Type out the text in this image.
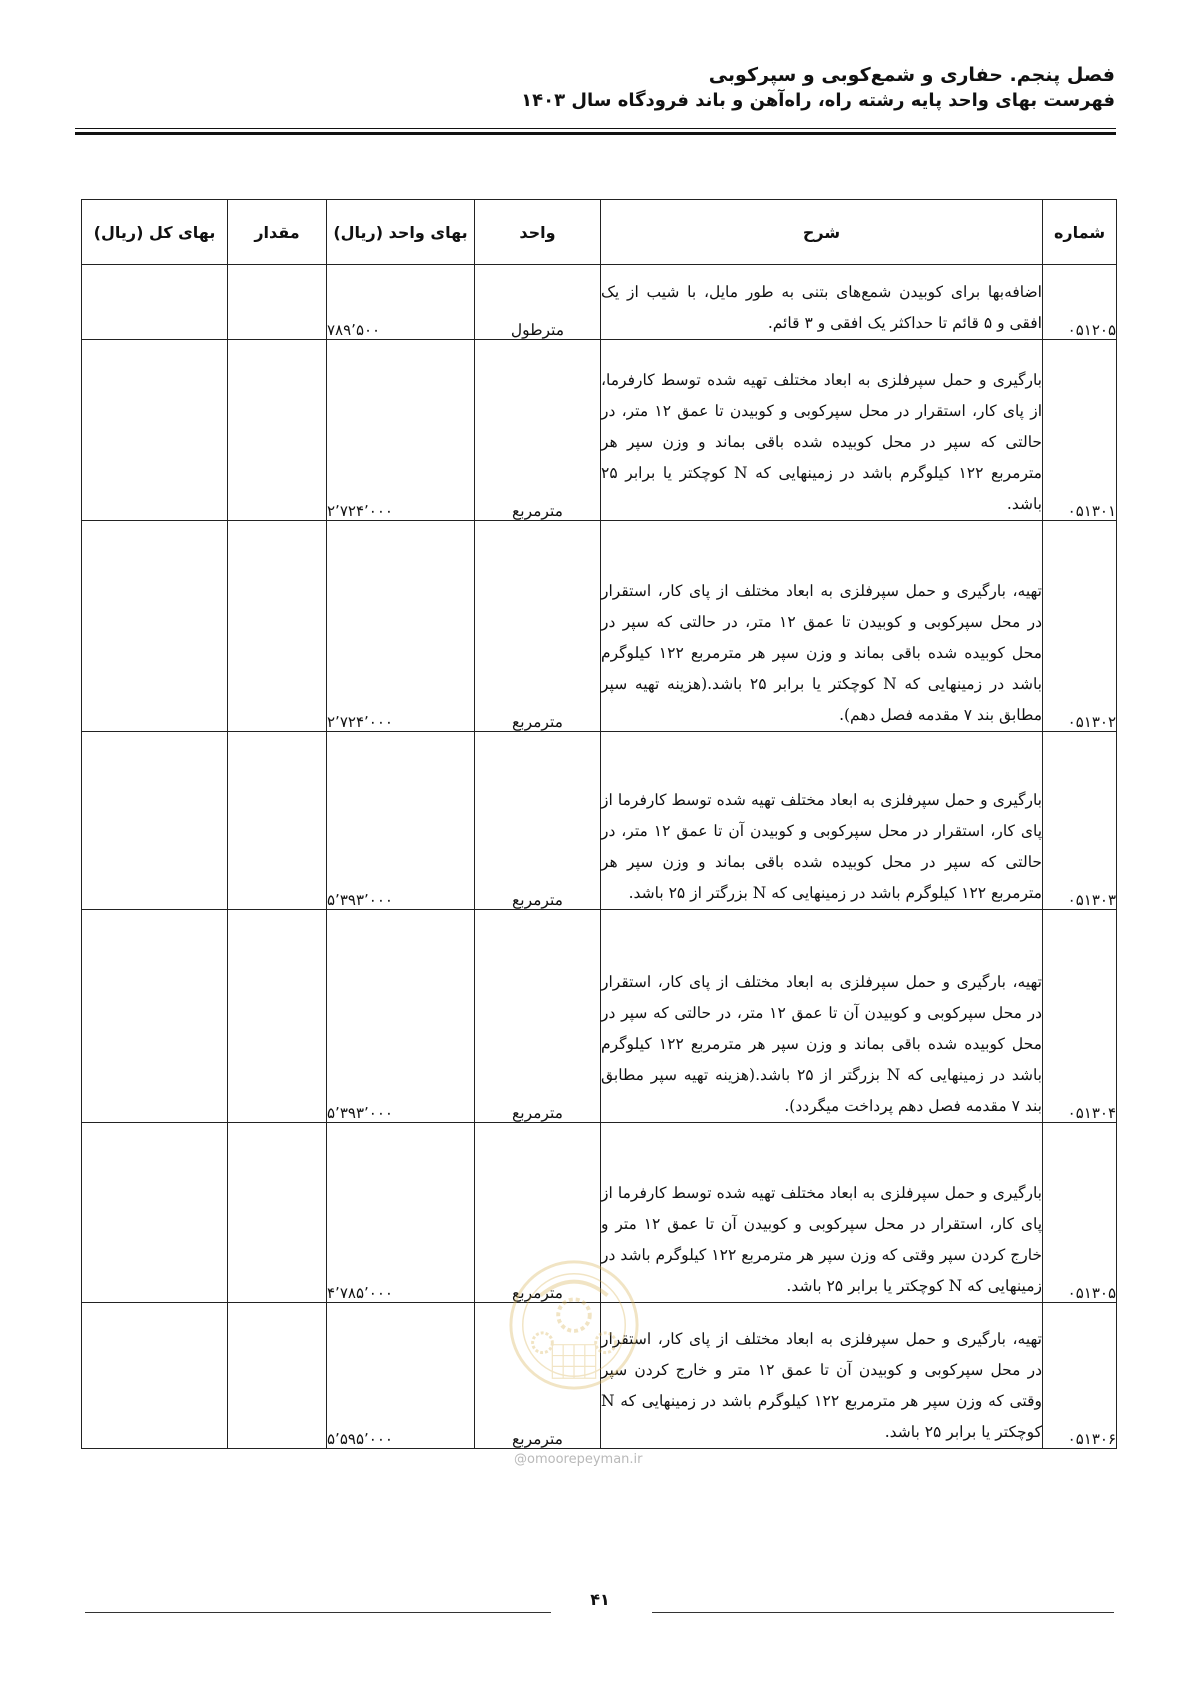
فصل پنجم. حفاری و شمع‌کوبی و سپرکوبی
فهرست بهای واحد پایه رشته راه، راه‌آهن و باند فرودگاه سال ۱۴۰۳
شماره	شرح	واحد	بهای واحد (ریال)	مقدار	بهای کل (ریال)
۰۵۱۲۰۵	اضافه‌بها برای کوبیدن شمع‌های بتنی به طور مایل، با شیب از یک افقی و ۵ قائم تا حداکثر یک افقی و ۳ قائم.	مترطول	۷۸۹٬۵۰۰		
۰۵۱۳۰۱	بارگیری و حمل سپرفلزی به ابعاد مختلف تهیه شده توسط کارفرما، از پای کار، استقرار در محل سپرکوبی و کوبیدن تا عمق ۱۲ متر، در حالتی که سپر در محل کوبیده شده باقی بماند و وزن سپر هر مترمربع ۱۲۲ کیلوگرم باشد در زمینهایی که N کوچکتر یا برابر ۲۵ باشد.	مترمربع	۲٬۷۲۴٬۰۰۰		
۰۵۱۳۰۲	تهیه، بارگیری و حمل سپرفلزی به ابعاد مختلف از پای کار، استقرار در محل سپرکوبی و کوبیدن تا عمق ۱۲ متر، در حالتی که سپر در محل کوبیده شده باقی بماند و وزن سپر هر مترمربع ۱۲۲ کیلوگرم باشد در زمینهایی که N کوچکتر یا برابر ۲۵ باشد.(هزینه تهیه سپر مطابق بند ۷ مقدمه فصل دهم).	مترمربع	۲٬۷۲۴٬۰۰۰		
۰۵۱۳۰۳	بارگیری و حمل سپرفلزی به ابعاد مختلف تهیه شده توسط کارفرما از پای کار، استقرار در محل سپرکوبی و کوبیدن آن تا عمق ۱۲ متر، در حالتی که سپر در محل کوبیده شده باقی بماند و وزن سپر هر مترمربع ۱۲۲ کیلوگرم باشد در زمینهایی که N بزرگتر از ۲۵ باشد.	مترمربع	۵٬۳۹۳٬۰۰۰		
۰۵۱۳۰۴	تهیه، بارگیری و حمل سپرفلزی به ابعاد مختلف از پای کار، استقرار در محل سپرکوبی و کوبیدن آن تا عمق ۱۲ متر، در حالتی که سپر در محل کوبیده شده باقی بماند و وزن سپر هر مترمربع ۱۲۲ کیلوگرم باشد در زمینهایی که N بزرگتر از ۲۵ باشد.(هزینه تهیه سپر مطابق بند ۷ مقدمه فصل دهم پرداخت میگردد).	مترمربع	۵٬۳۹۳٬۰۰۰		
۰۵۱۳۰۵	بارگیری و حمل سپرفلزی به ابعاد مختلف تهیه شده توسط کارفرما از پای کار، استقرار در محل سپرکوبی و کوبیدن آن تا عمق ۱۲ متر و خارج کردن سپر وقتی که وزن سپر هر مترمربع ۱۲۲ کیلوگرم باشد در زمینهایی که N کوچکتر یا برابر ۲۵ باشد.	مترمربع	۴٬۷۸۵٬۰۰۰		
۰۵۱۳۰۶	تهیه، بارگیری و حمل سپرفلزی به ابعاد مختلف از پای کار، استقرار در محل سپرکوبی و کوبیدن آن تا عمق ۱۲ متر و خارج کردن سپر وقتی که وزن سپر هر مترمربع ۱۲۲ کیلوگرم باشد در زمینهایی که N کوچکتر یا برابر ۲۵ باشد.	مترمربع	۵٬۵۹۵٬۰۰۰		
@omoorepeyman.ir
۴۱
